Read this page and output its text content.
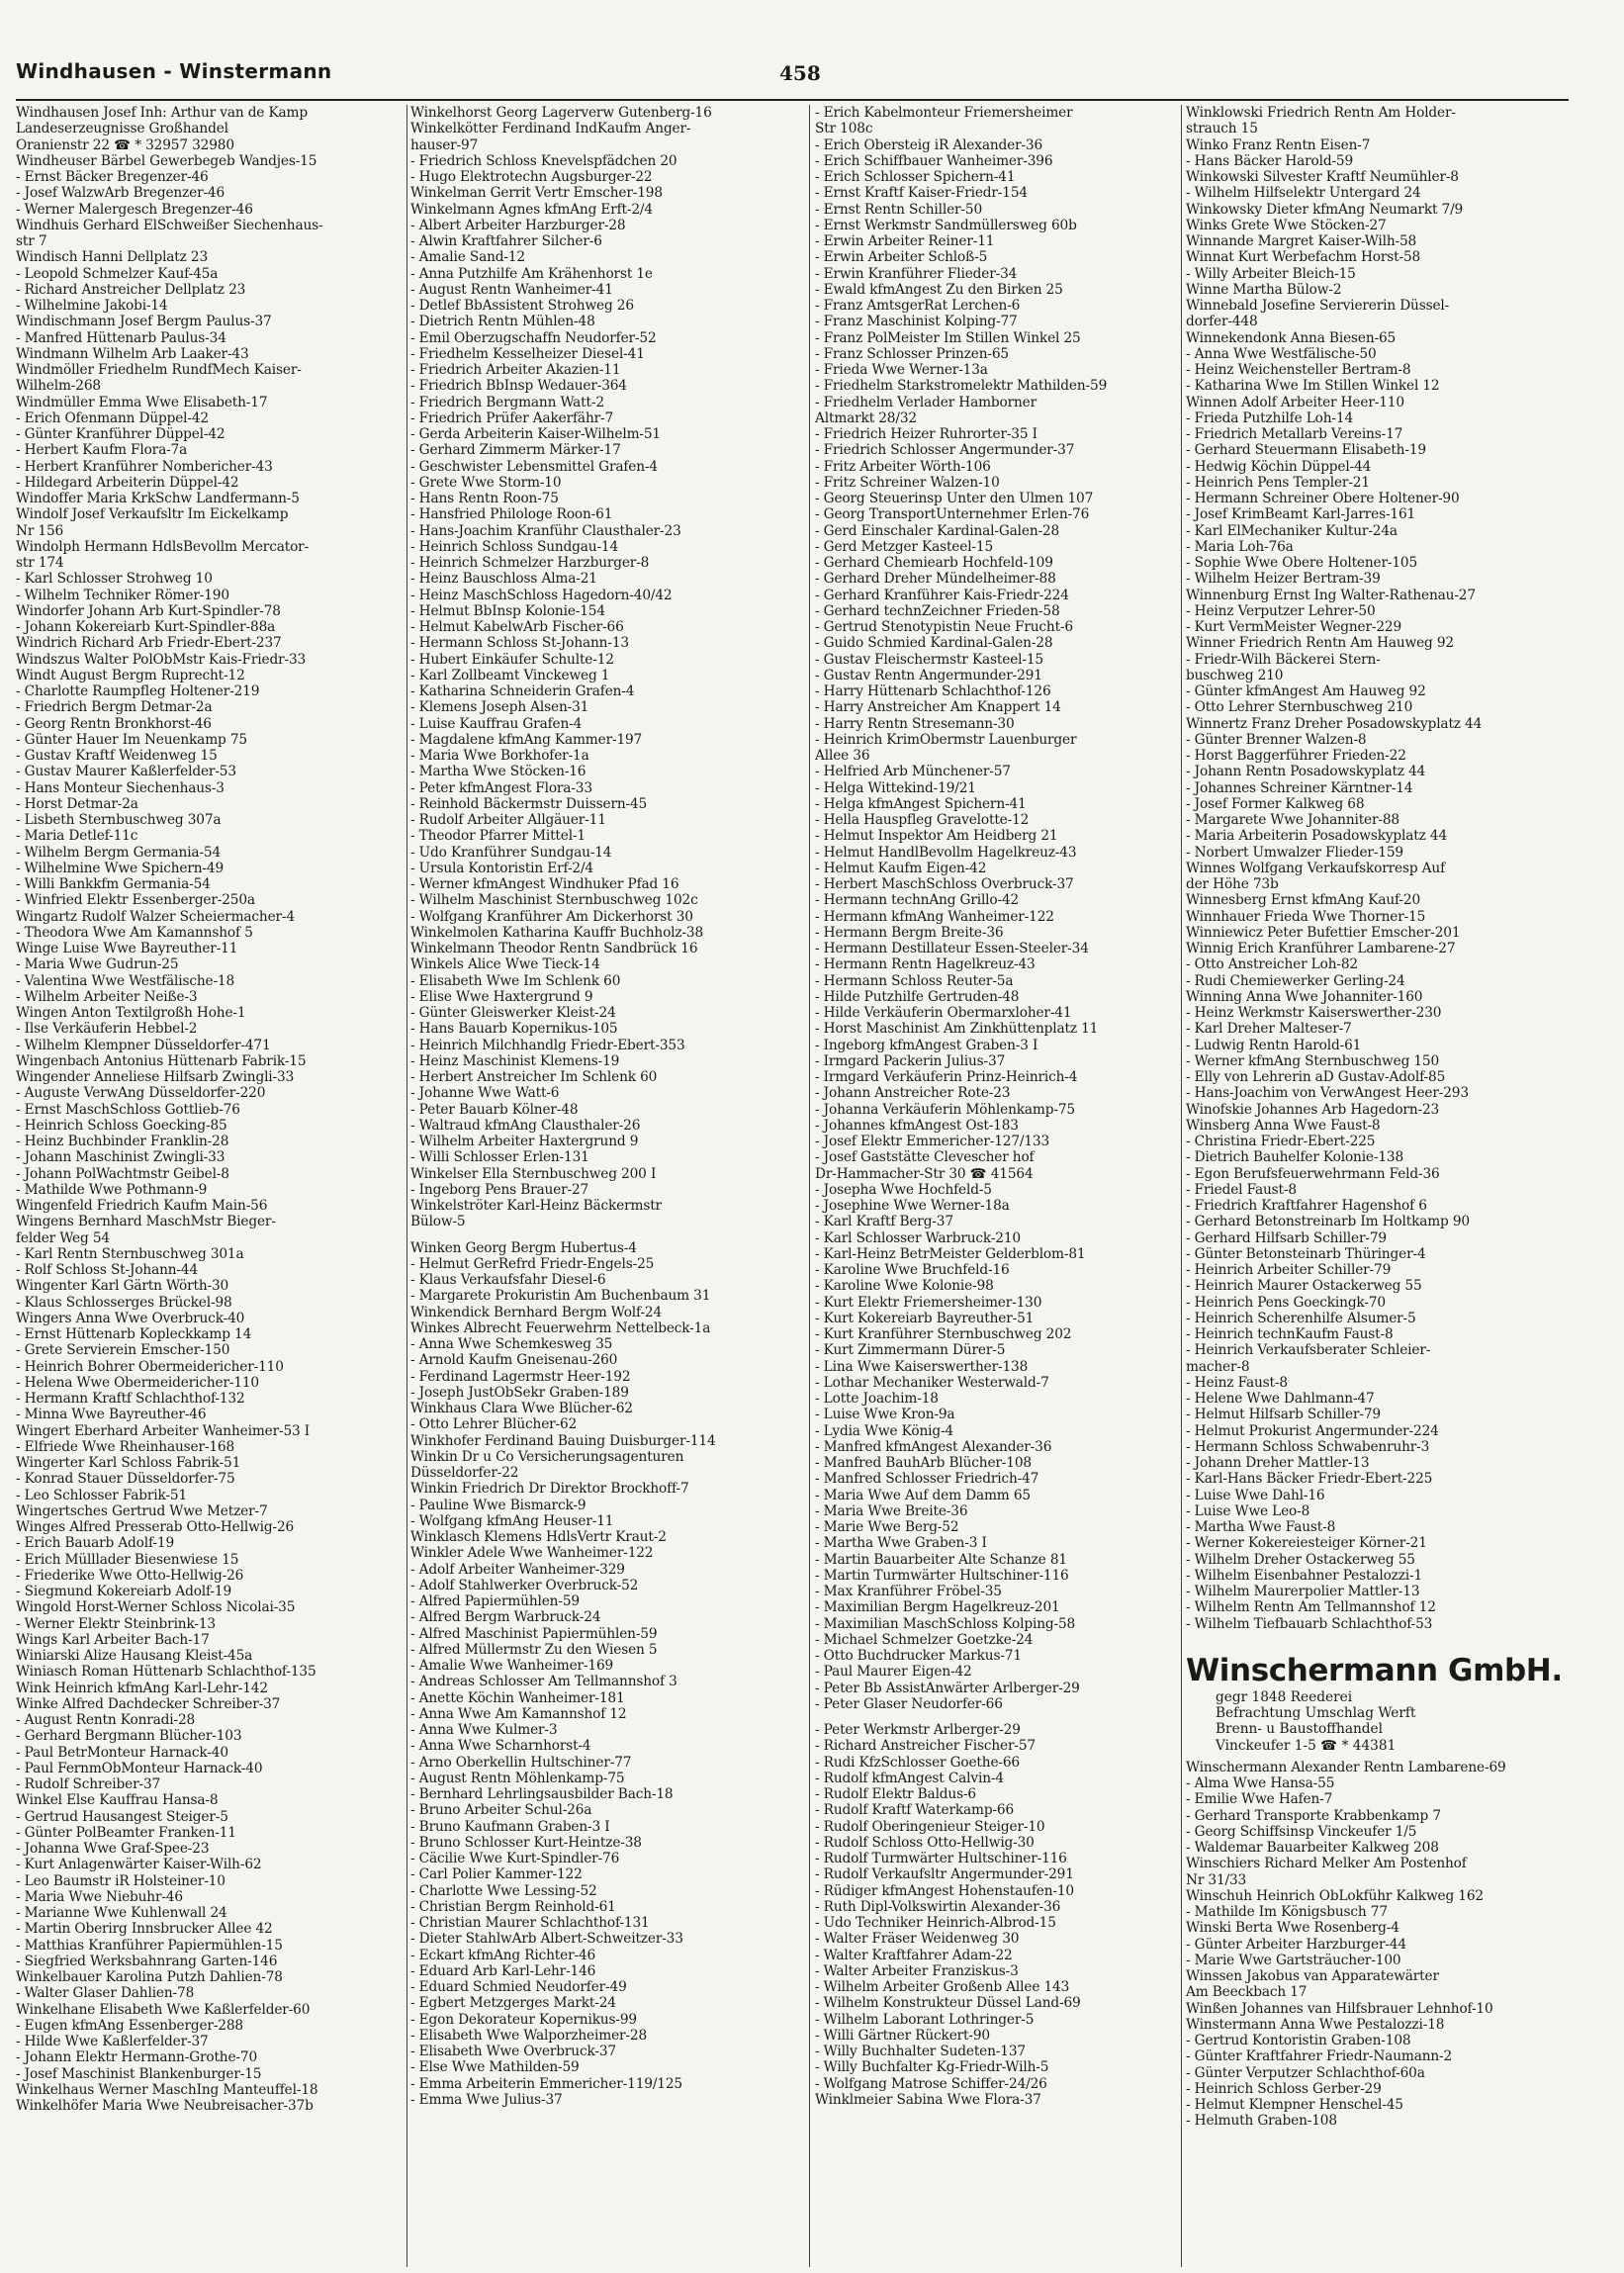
Windhausen - Winstermann	458
Windhausen Josef Inh: Arthur van de Kamp
Landeserzeugnisse Großhandel
Oranienstr 22 ☎ * 32957 32980
Windheuser Bärbel Gewerbegeb Wandjes-15
- Ernst Bäcker Bregenzer-46
- Josef WalzwArb Bregenzer-46
- Werner Malergesch Bregenzer-46
Windhuis Gerhard ElSchweißer Siechenhaus-
str 7
Windisch Hanni Dellplatz 23
- Leopold Schmelzer Kauf-45a
- Richard Anstreicher Dellplatz 23
- Wilhelmine Jakobi-14
Windischmann Josef Bergm Paulus-37
- Manfred Hüttenarb Paulus-34
Windmann Wilhelm Arb Laaker-43
Windmöller Friedhelm RundfMech Kaiser-
Wilhelm-268
Windmüller Emma Wwe Elisabeth-17
- Erich Ofenmann Düppel-42
- Günter Kranführer Düppel-42
- Herbert Kaufm Flora-7a
- Herbert Kranführer Nombericher-43
- Hildegard Arbeiterin Düppel-42
Windoffer Maria KrkSchw Landfermann-5
Windolf Josef Verkaufsltr Im Eickelkamp
Nr 156
Windolph Hermann HdlsBevollm Mercator-
str 174
- Karl Schlosser Strohweg 10
- Wilhelm Techniker Römer-190
Windorfer Johann Arb Kurt-Spindler-78
- Johann Kokereiarb Kurt-Spindler-88a
Windrich Richard Arb Friedr-Ebert-237
Windszus Walter PolObMstr Kais-Friedr-33
Windt August Bergm Ruprecht-12
- Charlotte Raumpfleg Holtener-219
- Friedrich Bergm Detmar-2a
- Georg Rentn Bronkhorst-46
- Günter Hauer Im Neuenkamp 75
- Gustav Kraftf Weidenweg 15
- Gustav Maurer Kaßlerfelder-53
- Hans Monteur Siechenhaus-3
- Horst Detmar-2a
- Lisbeth Sternbuschweg 307a
- Maria Detlef-11c
- Wilhelm Bergm Germania-54
- Wilhelmine Wwe Spichern-49
- Willi Bankkfm Germania-54
- Winfried Elektr Essenberger-250a
Wingartz Rudolf Walzer Scheiermacher-4
- Theodora Wwe Am Kamannshof 5
Winge Luise Wwe Bayreuther-11
- Maria Wwe Gudrun-25
- Valentina Wwe Westfälische-18
- Wilhelm Arbeiter Neiße-3
Wingen Anton Textilgroßh Hohe-1
- Ilse Verkäuferin Hebbel-2
- Wilhelm Klempner Düsseldorfer-471
Wingenbach Antonius Hüttenarb Fabrik-15
Wingender Anneliese Hilfsarb Zwingli-33
- Auguste VerwAng Düsseldorfer-220
- Ernst MaschSchloss Gottlieb-76
- Heinrich Schloss Goecking-85
- Heinz Buchbinder Franklin-28
- Johann Maschinist Zwingli-33
- Johann PolWachtmstr Geibel-8
- Mathilde Wwe Pothmann-9
Wingenfeld Friedrich Kaufm Main-56
Wingens Bernhard MaschMstr Bieger-
felder Weg 54
- Karl Rentn Sternbuschweg 301a
- Rolf Schloss St-Johann-44
Wingenter Karl Gärtn Wörth-30
- Klaus Schlosserges Brückel-98
Wingers Anna Wwe Overbruck-40
- Ernst Hüttenarb Kopleckkamp 14
- Grete Servierein Emscher-150
- Heinrich Bohrer Obermeidericher-110
- Helena Wwe Obermeidericher-110
- Hermann Kraftf Schlachthof-132
- Minna Wwe Bayreuther-46
Wingert Eberhard Arbeiter Wanheimer-53 I
- Elfriede Wwe Rheinhauser-168
Wingerter Karl Schloss Fabrik-51
- Konrad Stauer Düsseldorfer-75
- Leo Schlosser Fabrik-51
Wingertsches Gertrud Wwe Metzer-7
Winges Alfred Presserab Otto-Hellwig-26
- Erich Bauarb Adolf-19
- Erich Mülllader Biesenwiese 15
- Friederike Wwe Otto-Hellwig-26
- Siegmund Kokereiarb Adolf-19
Wingold Horst-Werner Schloss Nicolai-35
- Werner Elektr Steinbrink-13
Wings Karl Arbeiter Bach-17
Winiarski Alize Hausang Kleist-45a
Winiasch Roman Hüttenarb Schlachthof-135
Wink Heinrich kfmAng Karl-Lehr-142
Winke Alfred Dachdecker Schreiber-37
- August Rentn Konradi-28
- Gerhard Bergmann Blücher-103
- Paul BetrMonteur Harnack-40
- Paul FernmObMonteur Harnack-40
- Rudolf Schreiber-37
Winkel Else Kauffrau Hansa-8
- Gertrud Hausangest Steiger-5
- Günter PolBeamter Franken-11
- Johanna Wwe Graf-Spee-23
- Kurt Anlagenwärter Kaiser-Wilh-62
- Leo Baumstr iR Holsteiner-10
- Maria Wwe Niebuhr-46
- Marianne Wwe Kuhlenwall 24
- Martin Oberirg Innsbrucker Allee 42
- Matthias Kranführer Papiermühlen-15
- Siegfried Werksbahnrang Garten-146
Winkelbauer Karolina Putzh Dahlien-78
- Walter Glaser Dahlien-78
Winkelhane Elisabeth Wwe Kaßlerfelder-60
- Eugen kfmAng Essenberger-288
- Hilde Wwe Kaßlerfelder-37
- Johann Elektr Hermann-Grothe-70
- Josef Maschinist Blankenburger-15
Winkelhaus Werner MaschIng Manteuffel-18
Winkelhöfer Maria Wwe Neubreisacher-37b
Winkelhorst Georg Lagerverw Gutenberg-16
Winkelkötter Ferdinand IndKaufm Anger-
hauser-97
- Friedrich Schloss Knevelspfädchen 20
- Hugo Elektrotechn Augsburger-22
Winkelman Gerrit Vertr Emscher-198
Winkelmann Agnes kfmAng Erft-2/4
- Albert Arbeiter Harzburger-28
- Alwin Kraftfahrer Silcher-6
- Amalie Sand-12
- Anna Putzhilfe Am Krähenhorst 1e
- August Rentn Wanheimer-41
- Detlef BbAssistent Strohweg 26
- Dietrich Rentn Mühlen-48
- Emil Oberzugschaffn Neudorfer-52
- Friedhelm Kesselheizer Diesel-41
- Friedrich Arbeiter Akazien-11
- Friedrich BbInsp Wedauer-364
- Friedrich Bergmann Watt-2
- Friedrich Prüfer Aakerfähr-7
- Gerda Arbeiterin Kaiser-Wilhelm-51
- Gerhard Zimmerm Märker-17
- Geschwister Lebensmittel Grafen-4
- Grete Wwe Storm-10
- Hans Rentn Roon-75
- Hansfried Philologe Roon-61
- Hans-Joachim Kranführ Clausthaler-23
- Heinrich Schloss Sundgau-14
- Heinrich Schmelzer Harzburger-8
- Heinz Bauschloss Alma-21
- Heinz MaschSchloss Hagedorn-40/42
- Helmut BbInsp Kolonie-154
- Helmut KabelwArb Fischer-66
- Hermann Schloss St-Johann-13
- Hubert Einkäufer Schulte-12
- Karl Zollbeamt Vinckeweg 1
- Katharina Schneiderin Grafen-4
- Klemens Joseph Alsen-31
- Luise Kauffrau Grafen-4
- Magdalene kfmAng Kammer-197
- Maria Wwe Borkhofer-1a
- Martha Wwe Stöcken-16
- Peter kfmAngest Flora-33
- Reinhold Bäckermstr Duissern-45
- Rudolf Arbeiter Allgäuer-11
- Theodor Pfarrer Mittel-1
- Udo Kranführer Sundgau-14
- Ursula Kontoristin Erf-2/4
- Werner kfmAngest Windhuker Pfad 16
- Wilhelm Maschinist Sternbuschweg 102c
- Wolfgang Kranführer Am Dickerhorst 30
Winkelmolen Katharina Kauffr Buchholz-38
Winkelmann Theodor Rentn Sandbrück 16
Winkels Alice Wwe Tieck-14
- Elisabeth Wwe Im Schlenk 60
- Elise Wwe Haxtergrund 9
- Günter Gleiswerker Kleist-24
- Hans Bauarb Kopernikus-105
- Heinrich Milchhandlg Friedr-Ebert-353
- Heinz Maschinist Klemens-19
- Herbert Anstreicher Im Schlenk 60
- Johanne Wwe Watt-6
- Peter Bauarb Kölner-48
- Waltraud kfmAng Clausthaler-26
- Wilhelm Arbeiter Haxtergrund 9
- Willi Schlosser Erlen-131
Winkelser Ella Sternbuschweg 200 I
- Ingeborg Pens Brauer-27
Winkelströter Karl-Heinz Bäckermstr
Bülow-5
Winken Georg Bergm Hubertus-4
- Helmut GerRefrd Friedr-Engels-25
- Klaus Verkaufsfahr Diesel-6
- Margarete Prokuristin Am Buchenbaum 31
Winkendick Bernhard Bergm Wolf-24
Winkes Albrecht Feuerwehrm Nettelbeck-1a
- Anna Wwe Schemkesweg 35
- Arnold Kaufm Gneisenau-260
- Ferdinand Lagermstr Heer-192
- Joseph JustObSekr Graben-189
Winkhaus Clara Wwe Blücher-62
- Otto Lehrer Blücher-62
Winkhofer Ferdinand Bauing Duisburger-114
Winkin Dr u Co Versicherungsagenturen
Düsseldorfer-22
Winkin Friedrich Dr Direktor Brockhoff-7
- Pauline Wwe Bismarck-9
- Wolfgang kfmAng Heuser-11
Winklasch Klemens HdlsVertr Kraut-2
Winkler Adele Wwe Wanheimer-122
- Adolf Arbeiter Wanheimer-329
- Adolf Stahlwerker Overbruck-52
- Alfred Papiermühlen-59
- Alfred Bergm Warbruck-24
- Alfred Maschinist Papiermühlen-59
- Alfred Müllermstr Zu den Wiesen 5
- Amalie Wwe Wanheimer-169
- Andreas Schlosser Am Tellmannshof 3
- Anette Köchin Wanheimer-181
- Anna Wwe Am Kamannshof 12
- Anna Wwe Kulmer-3
- Anna Wwe Scharnhorst-4
- Arno Oberkellin Hultschiner-77
- August Rentn Möhlenkamp-75
- Bernhard Lehrlingsausbilder Bach-18
- Bruno Arbeiter Schul-26a
- Bruno Kaufmann Graben-3 I
- Bruno Schlosser Kurt-Heintze-38
- Cäcilie Wwe Kurt-Spindler-76
- Carl Polier Kammer-122
- Charlotte Wwe Lessing-52
- Christian Bergm Reinhold-61
- Christian Maurer Schlachthof-131
- Dieter StahlwArb Albert-Schweitzer-33
- Eckart kfmAng Richter-46
- Eduard Arb Karl-Lehr-146
- Eduard Schmied Neudorfer-49
- Egbert Metzgerges Markt-24
- Egon Dekorateur Kopernikus-99
- Elisabeth Wwe Walporzheimer-28
- Elisabeth Wwe Overbruck-37
- Else Wwe Mathilden-59
- Emma Arbeiterin Emmericher-119/125
- Emma Wwe Julius-37
- Erich Kabelmonteur Friemersheimer
Str 108c
- Erich Obersteig iR Alexander-36
- Erich Schiffbauer Wanheimer-396
- Erich Schlosser Spichern-41
- Ernst Kraftf Kaiser-Friedr-154
- Ernst Rentn Schiller-50
- Ernst Werkmstr Sandmüllersweg 60b
- Erwin Arbeiter Reiner-11
- Erwin Arbeiter Schloß-5
- Erwin Kranführer Flieder-34
- Ewald kfmAngest Zu den Birken 25
- Franz AmtsgerRat Lerchen-6
- Franz Maschinist Kolping-77
- Franz PolMeister Im Stillen Winkel 25
- Franz Schlosser Prinzen-65
- Frieda Wwe Werner-13a
- Friedhelm Starkstromelektr Mathilden-59
- Friedhelm Verlader Hamborner
Altmarkt 28/32
- Friedrich Heizer Ruhrorter-35 I
- Friedrich Schlosser Angermunder-37
- Fritz Arbeiter Wörth-106
- Fritz Schreiner Walzen-10
- Georg Steuerinsp Unter den Ulmen 107
- Georg TransportUnternehmer Erlen-76
- Gerd Einschaler Kardinal-Galen-28
- Gerd Metzger Kasteel-15
- Gerhard Chemiearb Hochfeld-109
- Gerhard Dreher Mündelheimer-88
- Gerhard Kranführer Kais-Friedr-224
- Gerhard technZeichner Frieden-58
- Gertrud Stenotypistin Neue Frucht-6
- Guido Schmied Kardinal-Galen-28
- Gustav Fleischermstr Kasteel-15
- Gustav Rentn Angermunder-291
- Harry Hüttenarb Schlachthof-126
- Harry Anstreicher Am Knappert 14
- Harry Rentn Stresemann-30
- Heinrich KrimObermstr Lauenburger
Allee 36
- Helfried Arb Münchener-57
- Helga Wittekind-19/21
- Helga kfmAngest Spichern-41
- Hella Hauspfleg Gravelotte-12
- Helmut Inspektor Am Heidberg 21
- Helmut HandlBevollm Hagelkreuz-43
- Helmut Kaufm Eigen-42
- Herbert MaschSchloss Overbruck-37
- Hermann technAng Grillo-42
- Hermann kfmAng Wanheimer-122
- Hermann Bergm Breite-36
- Hermann Destillateur Essen-Steeler-34
- Hermann Rentn Hagelkreuz-43
- Hermann Schloss Reuter-5a
- Hilde Putzhilfe Gertruden-48
- Hilde Verkäuferin Obermarxloher-41
- Horst Maschinist Am Zinkhüttenplatz 11
- Ingeborg kfmAngest Graben-3 I
- Irmgard Packerin Julius-37
- Irmgard Verkäuferin Prinz-Heinrich-4
- Johann Anstreicher Rote-23
- Johanna Verkäuferin Möhlenkamp-75
- Johannes kfmAngest Ost-183
- Josef Elektr Emmericher-127/133
- Josef Gaststätte Clevescher hof
Dr-Hammacher-Str 30 ☎ 41564
- Josepha Wwe Hochfeld-5
- Josephine Wwe Werner-18a
- Karl Kraftf Berg-37
- Karl Schlosser Warbruck-210
- Karl-Heinz BetrMeister Gelderblom-81
- Karoline Wwe Bruchfeld-16
- Karoline Wwe Kolonie-98
- Kurt Elektr Friemersheimer-130
- Kurt Kokereiarb Bayreuther-51
- Kurt Kranführer Sternbuschweg 202
- Kurt Zimmermann Dürer-5
- Lina Wwe Kaiserswerther-138
- Lothar Mechaniker Westerwald-7
- Lotte Joachim-18
- Luise Wwe Kron-9a
- Lydia Wwe König-4
- Manfred kfmAngest Alexander-36
- Manfred BauhArb Blücher-108
- Manfred Schlosser Friedrich-47
- Maria Wwe Auf dem Damm 65
- Maria Wwe Breite-36
- Marie Wwe Berg-52
- Martha Wwe Graben-3 I
- Martin Bauarbeiter Alte Schanze 81
- Martin Turmwärter Hultschiner-116
- Max Kranführer Fröbel-35
- Maximilian Bergm Hagelkreuz-201
- Maximilian MaschSchloss Kolping-58
- Michael Schmelzer Goetzke-24
- Otto Buchdrucker Markus-71
- Paul Maurer Eigen-42
- Peter Bb AssistAnwärter Arlberger-29
- Peter Glaser Neudorfer-66
- Peter Werkmstr Arlberger-29
- Richard Anstreicher Fischer-57
- Rudi KfzSchlosser Goethe-66
- Rudolf kfmAngest Calvin-4
- Rudolf Elektr Baldus-6
- Rudolf Kraftf Waterkamp-66
- Rudolf Oberingenieur Steiger-10
- Rudolf Schloss Otto-Hellwig-30
- Rudolf Turmwärter Hultschiner-116
- Rudolf Verkaufsltr Angermunder-291
- Rüdiger kfmAngest Hohenstaufen-10
- Ruth Dipl-Volkswirtin Alexander-36
- Udo Techniker Heinrich-Albrod-15
- Walter Fräser Weidenweg 30
- Walter Kraftfahrer Adam-22
- Walter Arbeiter Franziskus-3
- Wilhelm Arbeiter Großenb Allee 143
- Wilhelm Konstrukteur Düssel Land-69
- Wilhelm Laborant Lothringer-5
- Willi Gärtner Rückert-90
- Willy Buchhalter Sudeten-137
- Willy Buchfalter Kg-Friedr-Wilh-5
- Wolfgang Matrose Schiffer-24/26
Winklmeier Sabina Wwe Flora-37
Winklowski Friedrich Rentn Am Holder-
strauch 15
Winko Franz Rentn Eisen-7
- Hans Bäcker Harold-59
Winkowski Silvester Kraftf Neumühler-8
- Wilhelm Hilfselektr Untergard 24
Winkowsky Dieter kfmAng Neumarkt 7/9
Winks Grete Wwe Stöcken-27
Winnande Margret Kaiser-Wilh-58
Winnat Kurt Werbefachm Horst-58
- Willy Arbeiter Bleich-15
Winne Martha Bülow-2
Winnebald Josefine Serviererin Düssel-
dorfer-448
Winnekendonk Anna Biesen-65
- Anna Wwe Westfälische-50
- Heinz Weichensteller Bertram-8
- Katharina Wwe Im Stillen Winkel 12
Winnen Adolf Arbeiter Heer-110
- Frieda Putzhilfe Loh-14
- Friedrich Metallarb Vereins-17
- Gerhard Steuermann Elisabeth-19
- Hedwig Köchin Düppel-44
- Heinrich Pens Templer-21
- Hermann Schreiner Obere Holtener-90
- Josef KrimBeamt Karl-Jarres-161
- Karl ElMechaniker Kultur-24a
- Maria Loh-76a
- Sophie Wwe Obere Holtener-105
- Wilhelm Heizer Bertram-39
Winnenburg Ernst Ing Walter-Rathenau-27
- Heinz Verputzer Lehrer-50
- Kurt VermMeister Wegner-229
Winner Friedrich Rentn Am Hauweg 92
- Friedr-Wilh Bäckerei Stern-
buschweg 210
- Günter kfmAngest Am Hauweg 92
- Otto Lehrer Sternbuschweg 210
Winnertz Franz Dreher Posadowskyplatz 44
- Günter Brenner Walzen-8
- Horst Baggerführer Frieden-22
- Johann Rentn Posadowskyplatz 44
- Johannes Schreiner Kärntner-14
- Josef Former Kalkweg 68
- Margarete Wwe Johanniter-88
- Maria Arbeiterin Posadowskyplatz 44
- Norbert Umwalzer Flieder-159
Winnes Wolfgang Verkaufskorresp Auf
der Höhe 73b
Winnesberg Ernst kfmAng Kauf-20
Winnhauer Frieda Wwe Thorner-15
Winniewicz Peter Bufettier Emscher-201
Winnig Erich Kranführer Lambarene-27
- Otto Anstreicher Loh-82
- Rudi Chemiewerker Gerling-24
Winning Anna Wwe Johanniter-160
- Heinz Werkmstr Kaiserswerther-230
- Karl Dreher Malteser-7
- Ludwig Rentn Harold-61
- Werner kfmAng Sternbuschweg 150
- Elly von Lehrerin aD Gustav-Adolf-85
- Hans-Joachim von VerwAngest Heer-293
Winofskie Johannes Arb Hagedorn-23
Winsberg Anna Wwe Faust-8
- Christina Friedr-Ebert-225
- Dietrich Bauhelfer Kolonie-138
- Egon Berufsfeuerwehrmann Feld-36
- Friedel Faust-8
- Friedrich Kraftfahrer Hagenshof 6
- Gerhard Betonstreinarb Im Holtkamp 90
- Gerhard Hilfsarb Schiller-79
- Günter Betonsteinarb Thüringer-4
- Heinrich Arbeiter Schiller-79
- Heinrich Maurer Ostackerweg 55
- Heinrich Pens Goeckingk-70
- Heinrich Scherenhilfe Alsumer-5
- Heinrich technKaufm Faust-8
- Heinrich Verkaufsberater Schleier-
macher-8
- Heinz Faust-8
- Helene Wwe Dahlmann-47
- Helmut Hilfsarb Schiller-79
- Helmut Prokurist Angermunder-224
- Hermann Schloss Schwabenruhr-3
- Johann Dreher Mattler-13
- Karl-Hans Bäcker Friedr-Ebert-225
- Luise Wwe Dahl-16
- Luise Wwe Leo-8
- Martha Wwe Faust-8
- Werner Kokereiesteiger Körner-21
- Wilhelm Dreher Ostackerweg 55
- Wilhelm Eisenbahner Pestalozzi-1
- Wilhelm Maurerpolier Mattler-13
- Wilhelm Rentn Am Tellmannshof 12
- Wilhelm Tiefbauarb Schlachthof-53
Winschermann GmbH.
gegr 1848 Reederei
Befrachtung Umschlag Werft
Brenn- u Baustoffhandel
Vinckeufer 1-5 ☎ * 44381
Winschermann Alexander Rentn Lambarene-69
- Alma Wwe Hansa-55
- Emilie Wwe Hafen-7
- Gerhard Transporte Krabbenkamp 7
- Georg Schiffsinsp Vinckeufer 1/5
- Waldemar Bauarbeiter Kalkweg 208
Winschiers Richard Melker Am Postenhof
Nr 31/33
Winschuh Heinrich ObLokführ Kalkweg 162
- Mathilde Im Königsbusch 77
Winski Berta Wwe Rosenberg-4
- Günter Arbeiter Harzburger-44
- Marie Wwe Gartsträucher-100
Winssen Jakobus van Apparatewärter
Am Beeckbach 17
Winßen Johannes van Hilfsbrauer Lehnhof-10
Winstermann Anna Wwe Pestalozzi-18
- Gertrud Kontoristin Graben-108
- Günter Kraftfahrer Friedr-Naumann-2
- Günter Verputzer Schlachthof-60a
- Heinrich Schloss Gerber-29
- Helmut Klempner Henschel-45
- Helmuth Graben-108
